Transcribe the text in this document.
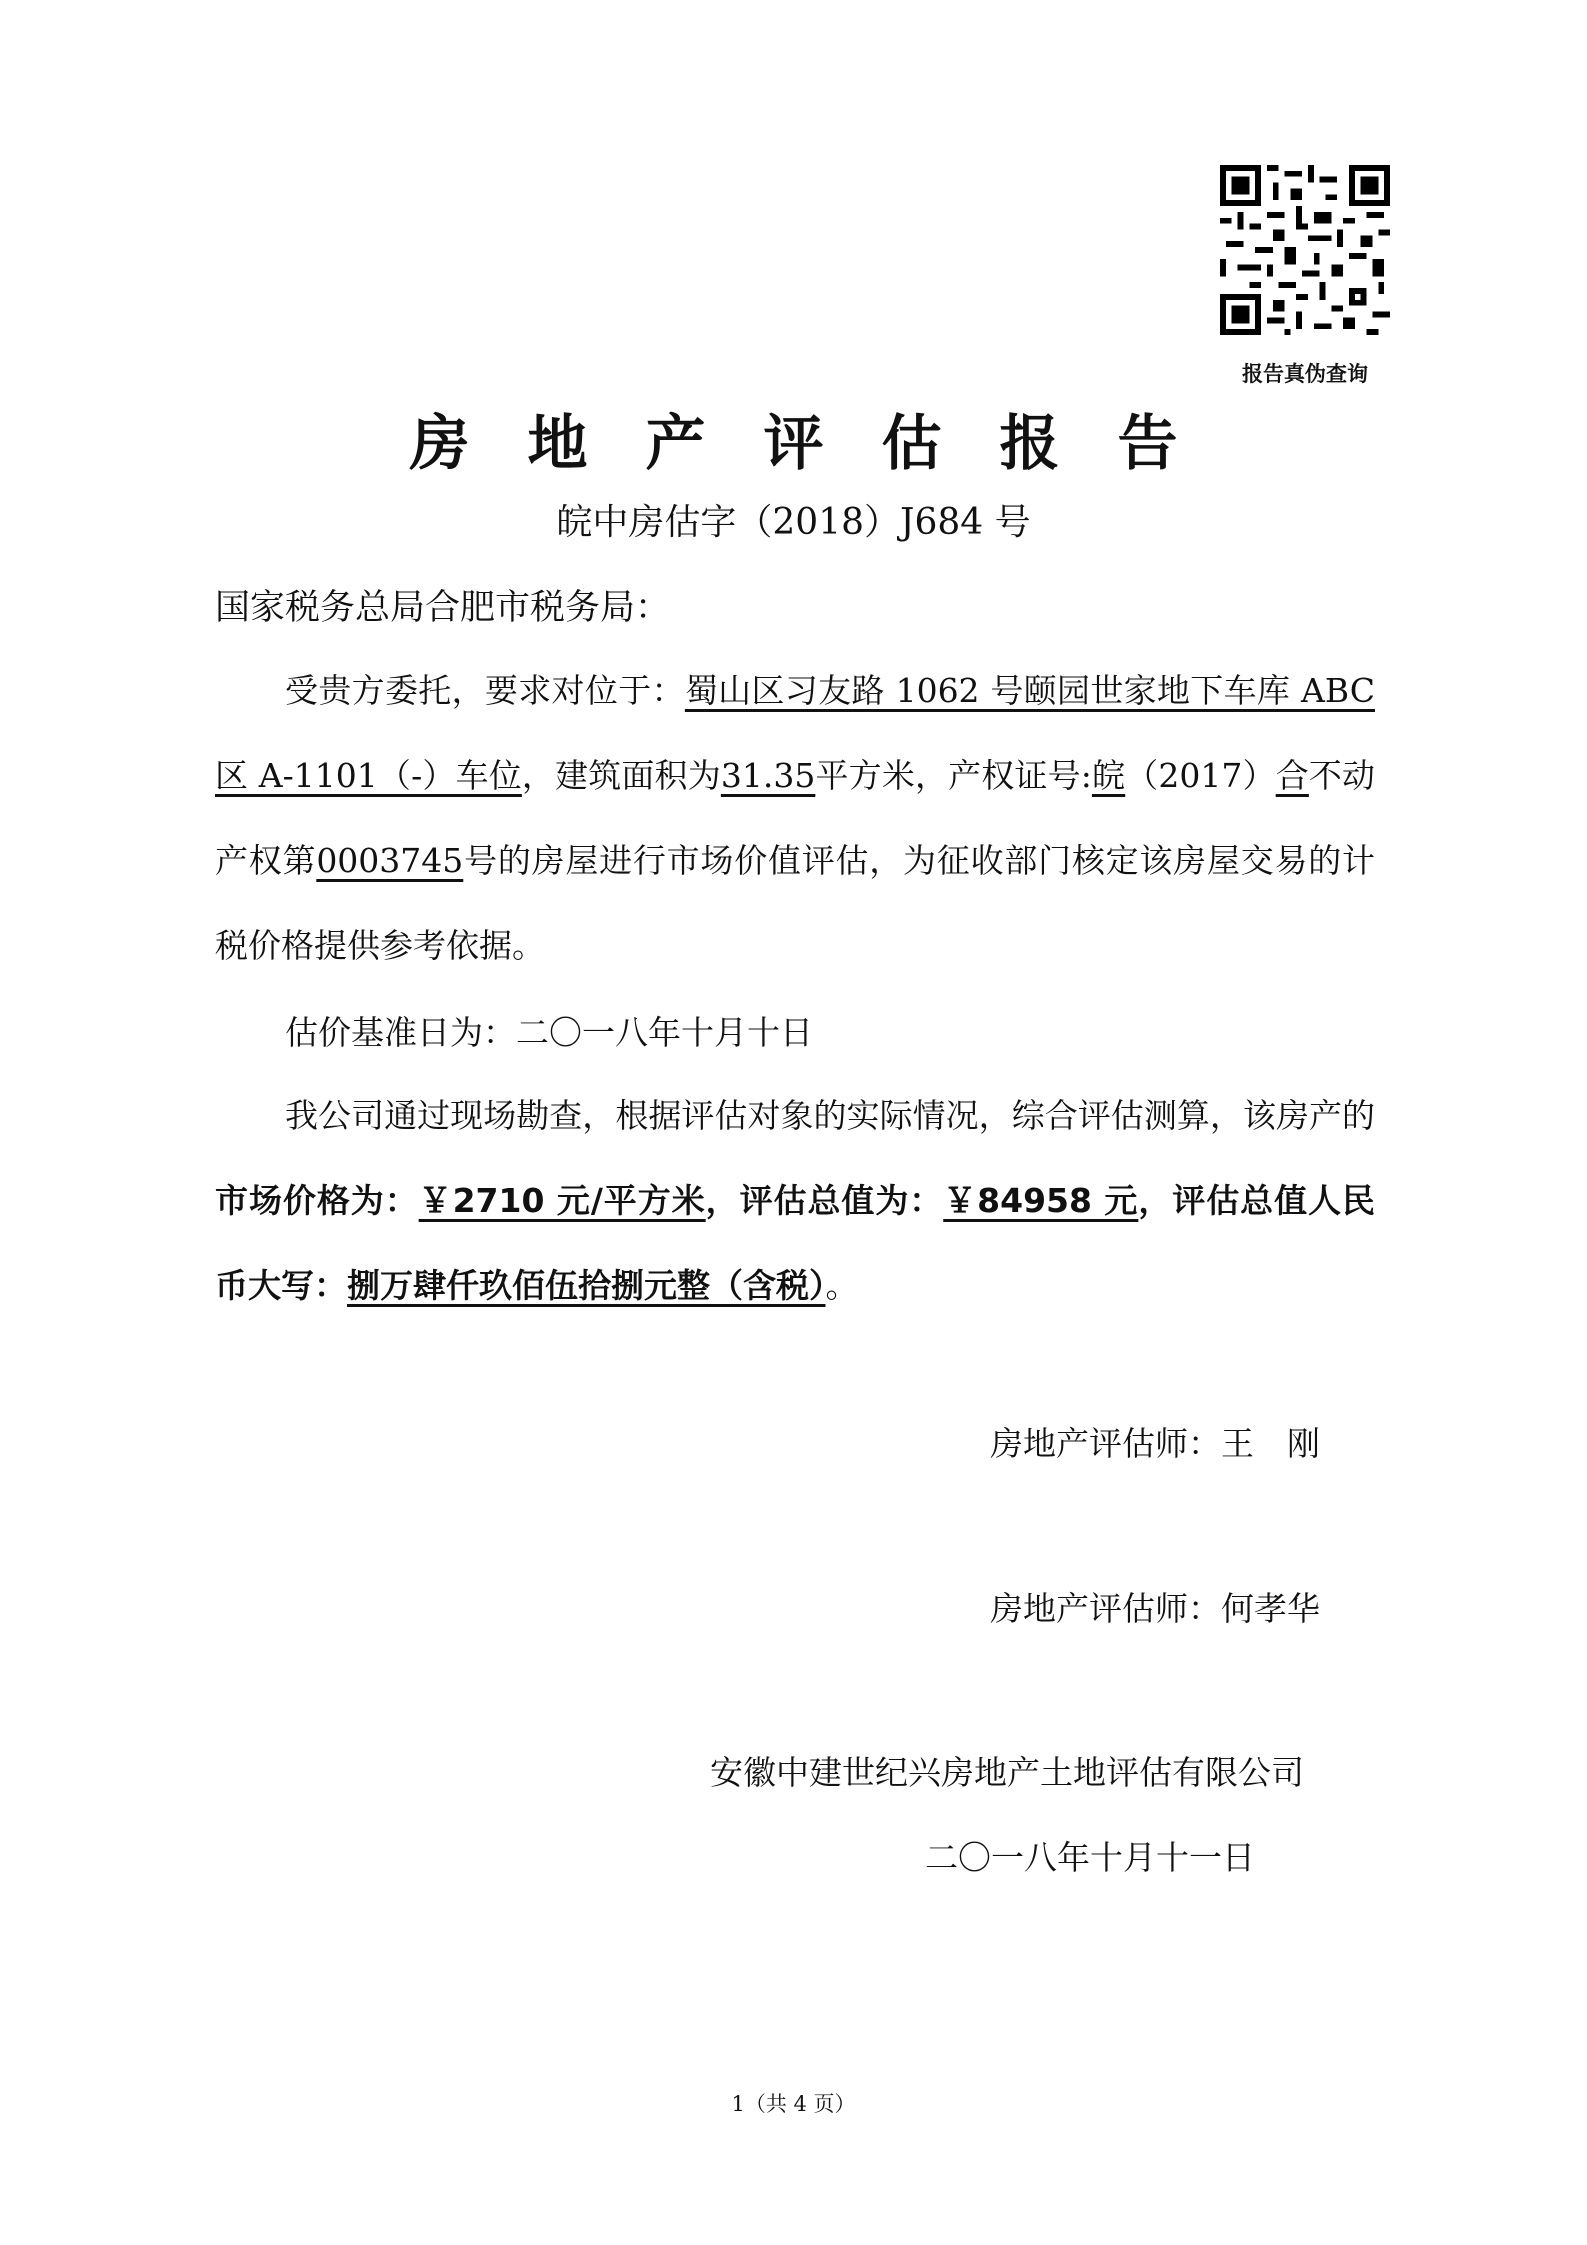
报告真伪查询
房地产评估报告
皖中房估字（2018）J684 号
国家税务总局合肥市税务局：

受贵方委托，要求对位于：蜀山区习友路 1062 号颐园世家地下车库 ABC 区 A-1101（-）车位，建筑面积为31.35平方米，产权证号:皖（2017）合不动产权第0003745号的房屋进行市场价值评估，为征收部门核定该房屋交易的计税价格提供参考依据。

估价基准日为：二〇一八年十月十日

我公司通过现场勘查，根据评估对象的实际情况，综合评估测算，该房产的市场价格为：￥2710 元/平方米，评估总值为：￥84958 元，评估总值人民币大写：捌万肆仟玖佰伍拾捌元整（含税）。

房地产评估师：王　刚
房地产评估师：何孝华
安徽中建世纪兴房地产土地评估有限公司
二〇一八年十月十一日
1（共 4 页）
